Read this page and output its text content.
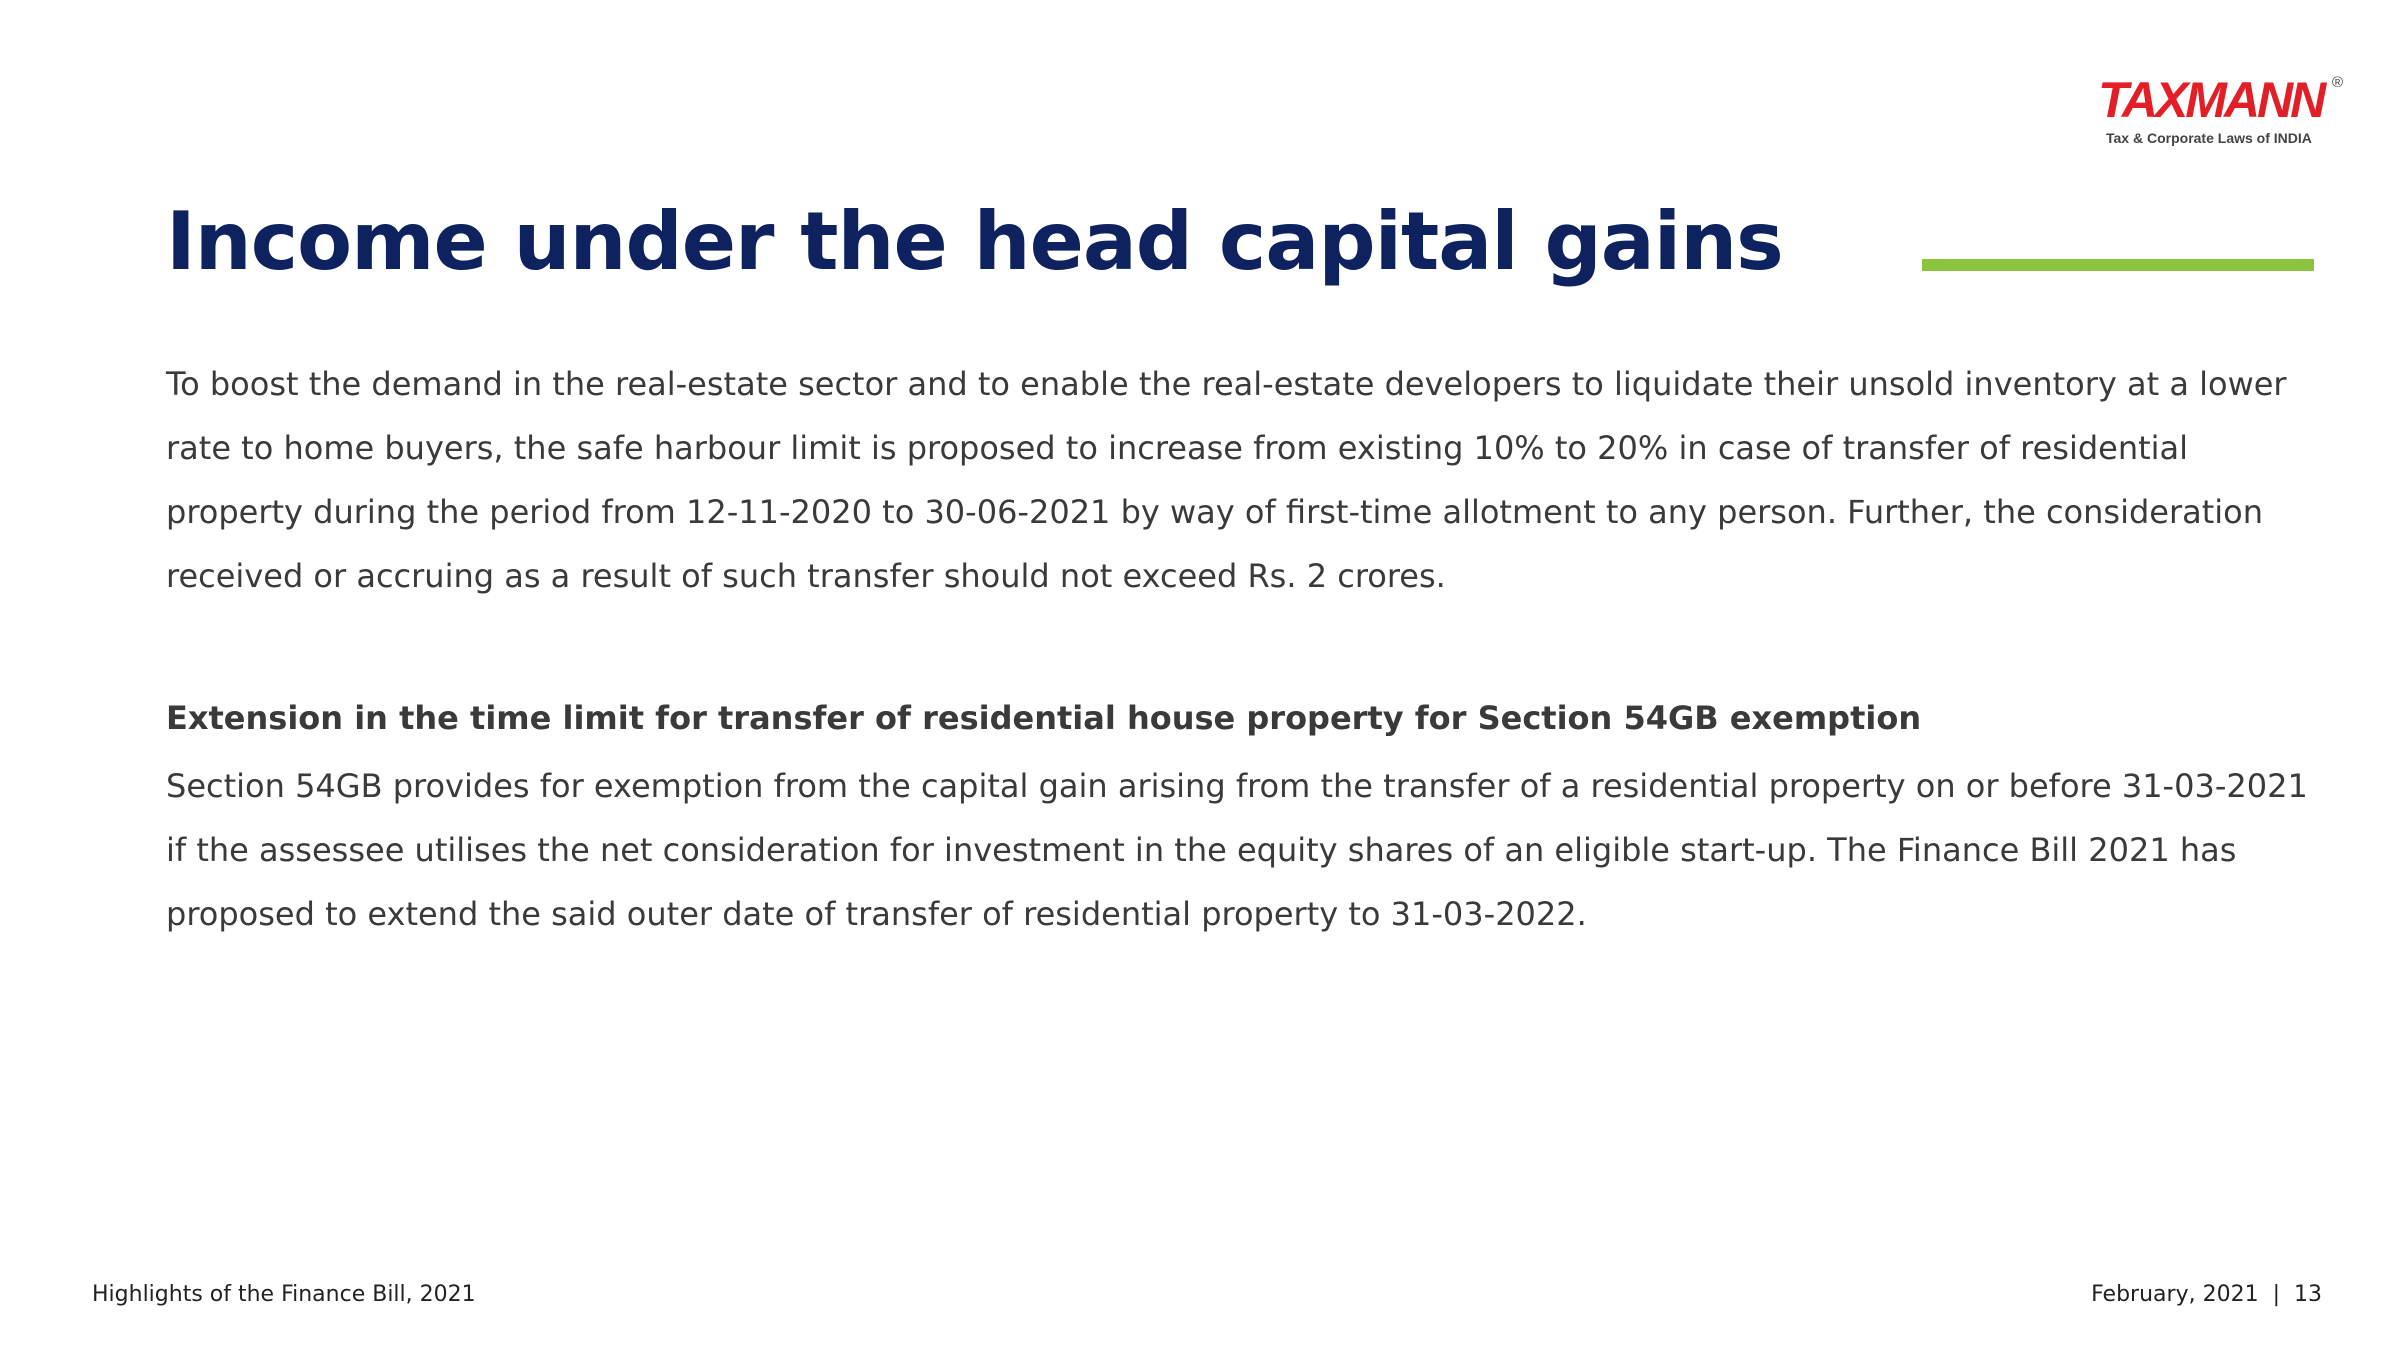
TAXMANN ®
Tax & Corporate Laws of INDIA
Income under the head capital gains

To boost the demand in the real-estate sector and to enable the real-estate developers to liquidate their unsold inventory at a lower rate to home buyers, the safe harbour limit is proposed to increase from existing 10% to 20% in case of transfer of residential property during the period from 12-11-2020 to 30-06-2021 by way of first-time allotment to any person. Further, the consideration received or accruing as a result of such transfer should not exceed Rs. 2 crores.

Extension in the time limit for transfer of residential house property for Section 54GB exemption

Section 54GB provides for exemption from the capital gain arising from the transfer of a residential property on or before 31-03-2021 if the assessee utilises the net consideration for investment in the equity shares of an eligible start-up. The Finance Bill 2021 has proposed to extend the said outer date of transfer of residential property to 31-03-2022.

Highlights of the Finance Bill, 2021	February, 2021 | 13
